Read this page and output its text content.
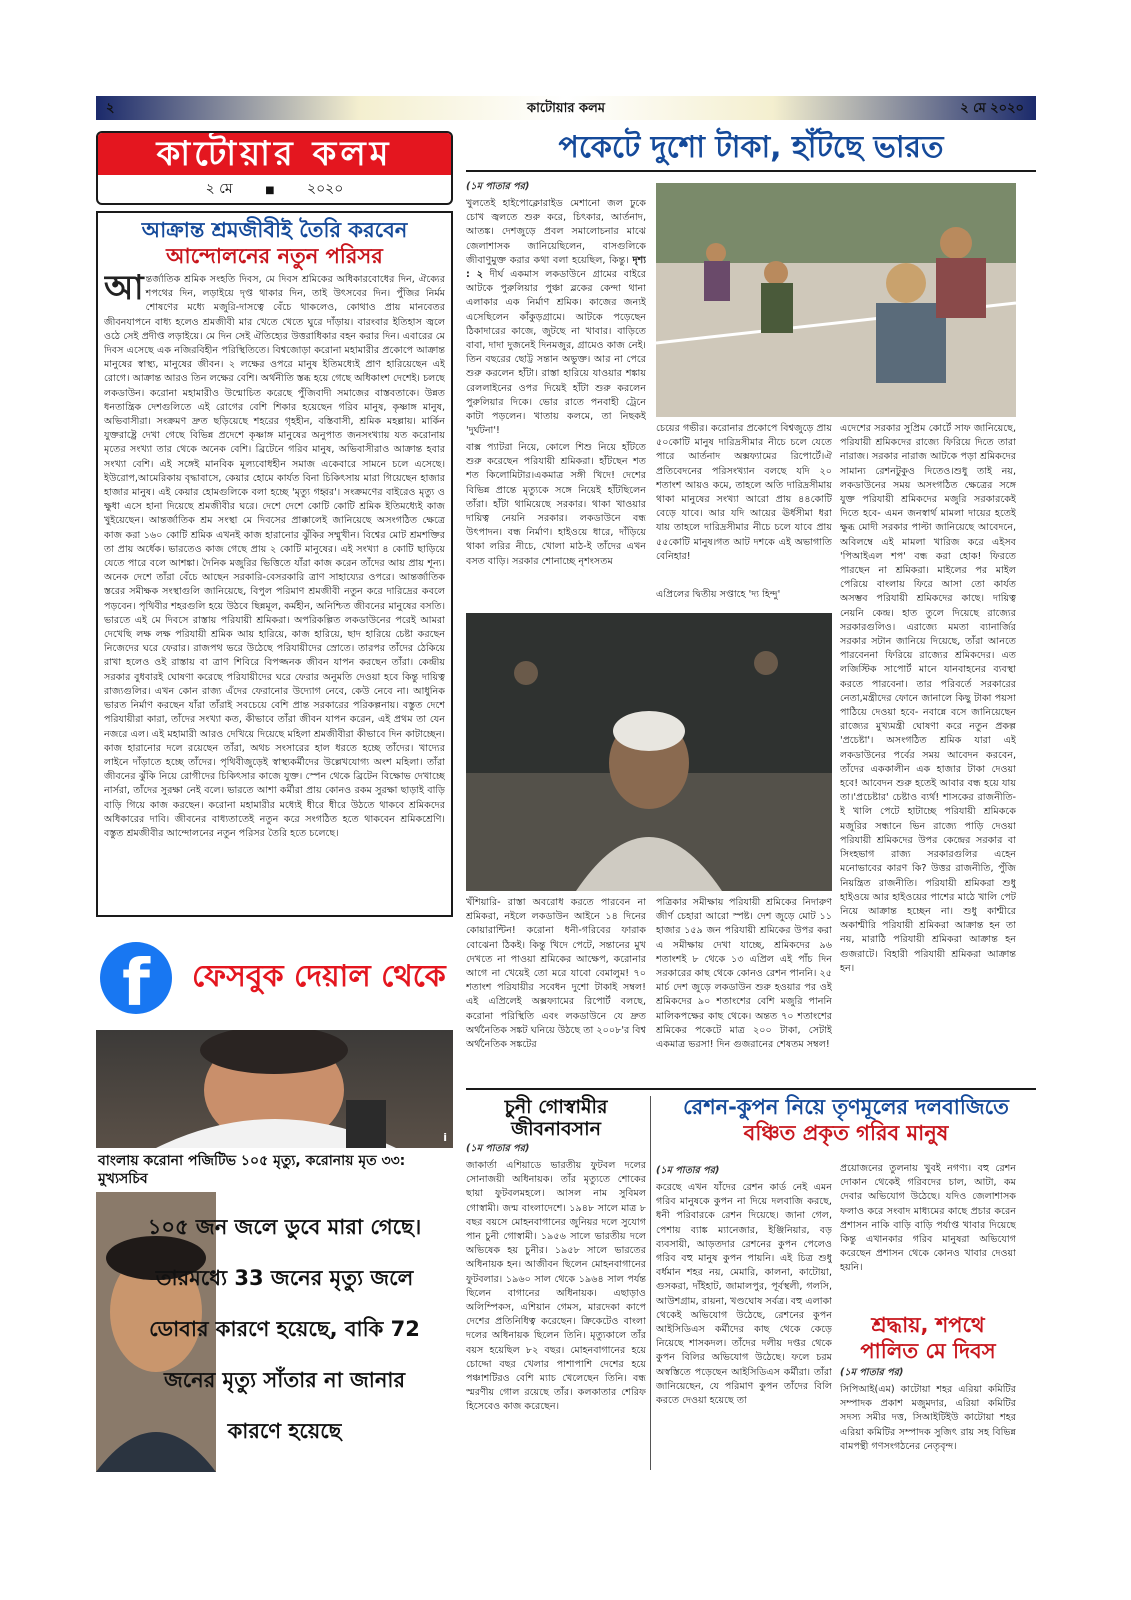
২	কাটোয়ার কলম	২ মে ২০২০
কাটোয়ার কলম
২ মে	■ ২০২০
আক্রান্ত শ্রমজীবীই তৈরি করবেন
আন্দোলনের নতুন পরিসর
আ ন্তর্জাতিক শ্রমিক সংহতি দিবস, মে দিবস শ্রমিকের অধিকারবোধের দিন, ঐক্যের শপথের দিন, লড়াইয়ে দৃপ্ত থাকার দিন, তাই উৎসবের দিন। পুঁজির নির্মম শোষণের মধ্যে মজুরি-দাসত্বে বেঁচে থাকলেও, কোথাও প্রায় মানবেতর জীবনযাপনে বাধ্য হলেও শ্রমজীবী মার খেতে খেতে ঘুরে দাঁড়ায়। বারংবার ইতিহাস জ্বলে ওঠে সেই প্রদীপ্ত লড়াইয়ে। মে দিন সেই ঐতিহ্যের উত্তরাধিকার বহন করার দিন। এবারের মে দিবস এসেছে এক নজিরবিহীন পরিস্থিতিতে। বিশ্বজোড়া করোনা মহামারীর প্রকোপে আক্রান্ত মানুষের স্বাস্থ্য, মানুষের জীবন। ২ লক্ষের ওপরে মানুষ ইতিমধ্যেই প্রাণ হারিয়েছেন এই রোগে। আক্রান্ত আরও তিন লক্ষের বেশি। অর্থনীতি স্তব্ধ হয়ে গেছে অধিকাংশ দেশেই। চলছে লকডাউন। করোনা মহামারীও উন্মোচিত করেছে পুঁজিবাদী সমাজের বাস্তবতাকে। উন্নত ধনতান্ত্রিক দেশগুলিতে এই রোগের বেশি শিকার হয়েছেন গরিব মানুষ, কৃষ্ণাঙ্গ মানুষ, অভিবাসীরা। সংক্রমণ দ্রুত ছড়িয়েছে শহরের গৃহহীন, বস্তিবাসী, শ্রমিক মহল্লায়। মার্কিন যুক্তরাষ্ট্রে দেখা গেছে বিভিন্ন প্রদেশে কৃষ্ণাঙ্গ মানুষের অনুপাত জনসংখ্যায় যত করোনায় মৃতের সংখ্যা তার থেকে অনেক বেশি। ব্রিটেনে গরিব মানুষ, অভিবাসীরাও আক্রান্ত হবার সংখ্যা বেশি। এই সঙ্গেই মানবিক মূল্যবোধহীন সমাজ একেবারে সামনে চলে এসেছে। ইউরোপ,আমেরিকায় বৃদ্ধাবাসে, কেয়ার হোমে কার্যত বিনা চিকিৎসায় মারা গিয়েছেন হাজার হাজার মানুষ। এই কেয়ার হোমগুলিকে বলা হচ্ছে 'মৃত্যু গহ্বর'। সংক্রমণের বাইরেও মৃত্যু ও ক্ষুধা এসে হানা দিয়েছে শ্রমজীবীর ঘরে। দেশে দেশে কোটি কোটি শ্রমিক ইতিমধ্যেই কাজ খুইয়েছেন। আন্তর্জাতিক শ্রম সংস্থা মে দিবসের প্রাক্কালেই জানিয়েছে অসংগঠিত ক্ষেত্রে কাজ করা ১৬০ কোটি শ্রমিক এখনই কাজ হারানোর ঝুঁকির সম্মুখীন। বিশ্বের মোট শ্রমশক্তির তা প্রায় অর্ধেক। ভারতেও কাজ গেছে প্রায় ২ কোটি মানুষের। এই সংখ্যা ৪ কোটি ছাড়িয়ে যেতে পারে বলে আশঙ্কা। দৈনিক মজুরির ভিত্তিতে যাঁরা কাজ করেন তাঁদের আয় প্রায় শূন্য। অনেক দেশে তাঁরা বেঁচে আছেন সরকারি-বেসরকারি ত্রাণ সাহায্যের ওপরে। আন্তর্জাতিক স্তরের সমীক্ষক সংস্থাগুলি জানিয়েছে, বিপুল পরিমাণ শ্রমজীবী নতুন করে দারিদ্রের কবলে পড়বেন। পৃথিবীর শহরগুলি হয়ে উঠবে ছিন্নমূল, কর্মহীন, অনিশ্চিত জীবনের মানুষের বসতি। ভারতে এই মে দিবসে রাস্তায় পরিযায়ী শ্রমিকরা। অপরিকল্পিত লকডাউনের পরেই আমরা দেখেছি লক্ষ লক্ষ পরিযায়ী শ্রমিক আয় হারিয়ে, কাজ হারিয়ে, ছাদ হারিয়ে চেষ্টা করছেন নিজেদের ঘরে ফেরার। রাজপথ ভরে উঠেছে পরিযায়ীদের স্রোতে। তারপর তাঁদের ঠেকিয়ে রাখা হলেও ওই রাস্তায় বা ত্রাণ শিবিরে বিপজ্জনক জীবন যাপন করছেন তাঁরা। কেন্দ্রীয় সরকার বুধবারই ঘোষণা করেছে পরিযায়ীদের ঘরে ফেরার অনুমতি দেওয়া হবে কিন্তু দায়িত্ব রাজ্যগুলির। এখন কোন রাজ্য এঁদের ফেরানোর উদ্যোগ নেবে, কেউ নেবে না। আধুনিক ভারত নির্মাণ করছেন যাঁরা তাঁরাই সবচেয়ে বেশি প্রান্ত সরকারের পরিকল্পনায়। বস্তুত দেশে পরিযায়ীরা কারা, তাঁদের সংখ্যা কত, কীভাবে তাঁরা জীবন যাপন করেন, এই প্রথম তা যেন নজরে এল। এই মহামারী আরও দেখিয়ে দিয়েছে মহিলা শ্রমজীবীরা কীভাবে দিন কাটাচ্ছেন। কাজ হারানোর দলে রয়েছেন তাঁরা, অথচ সংসারের হাল ধরতে হচ্ছে তাঁদের। খাদ্যের লাইনে দাঁড়াতে হচ্ছে তাঁদের। পৃথিবীজুড়েই স্বাস্থ্যকর্মীদের উল্লেখযোগ্য অংশ মহিলা। তাঁরা জীবনের ঝুঁকি নিয়ে রোগীদের চিকিৎসার কাজে যুক্ত। স্পেন থেকে ব্রিটেন বিক্ষোভ দেখাচ্ছে নার্সরা, তাঁদের সুরক্ষা নেই বলে। ভারতে আশা কর্মীরা প্রায় কোনও রকম সুরক্ষা ছাড়াই বাড়ি বাড়ি গিয়ে কাজ করছেন। করোনা মহামারীর মধ্যেই ধীরে ধীরে উঠতে থাকবে শ্রমিকদের অধিকারের দাবি। জীবনের বাধ্যতাতেই নতুন করে সংগঠিত হতে থাকবেন শ্রমিকশ্রেণি। বস্তুত শ্রমজীবীর আন্দোলনের নতুন পরিসর তৈরি হতে চলেছে।
f	ফেসবুক দেয়াল থেকে
i
বাংলায় করোনা পজিটিভ ১০৫ মৃত্যু, করোনায় মৃত ৩৩: মুখ্যসচিব
১০৫ জন জলে ডুবে মারা গেছে।
তারমধ্যে 33 জনের মৃত্যু জলে
ডোবার কারণে হয়েছে, বাকি 72
জনের মৃত্যু সাঁতার না জানার
কারণে হয়েছে
পকেটে দুশো টাকা, হাঁটছে ভারত
(১ম পাতার পর)
খুলতেই হাইপোক্লোরাইড মেশানো জল ঢুকে চোখ জ্বলতে শুরু করে, চিৎকার, আর্তনাদ, আতঙ্ক। দেশজুড়ে প্রবল সমালোচনার মাঝে জেলাশাসক জানিয়েছিলেন, বাসগুলিকে জীবাণুমুক্ত করার কথা বলা হয়েছিল, কিন্তু। দৃশ্য : ২ দীর্ঘ একমাস লকডাউনে গ্রামের বাইরে আটকে পুরুলিয়ার পুঞ্চা ব্লকের কেন্দা থানা এলাকার এক নির্মাণ শ্রমিক। কাজের জন্যই এসেছিলেন কাঁকুড়গ্রামে। আটকে পড়েছেন ঠিকাদারের কাজে, জুটছে না খাবার। বাড়িতে বাবা, দাদা দুজনেই দিনমজুর, গ্রামেও কাজ নেই। তিন বছরের ছোট্ট সন্তান অভুক্ত। আর না পেরে শুরু করলেন হাঁটা। রাস্তা হারিয়ে যাওয়ার শঙ্কায় রেললাইনের ওপর দিয়েই হাঁটা শুরু করলেন পুরুলিয়ার দিকে। ভোর রাতে পনবাহী ট্রেনে কাটা পড়লেন। খাতায় কলমে, তা নিছকই 'দুর্ঘটনা'!
বাক্স প্যাটরা নিয়ে, কোলে শিশু নিয়ে হাঁটতে শুরু করেছেন পরিযায়ী শ্রমিকরা। হাঁটছেন শত শত কিলোমিটার।একমাত্র সঙ্গী খিদে! দেশের বিভিন্ন প্রান্তে মৃত্যুকে সঙ্গে নিয়েই হাঁটছিলেন তাঁরা। হাঁটা থামিয়েছে সরকার। থাকা খাওয়ার দায়িত্ব নেয়নি সরকার। লকডাউনে বন্ধ উৎপাদন। বন্ধ নির্মাণ। হাইওয়ে ধারে, দাঁড়িয়ে থাকা লরির নীচে, খোলা মাঠ-ই তাঁদের এখন বসত বাড়ি। সরকার শোনাচ্ছে নৃশংসতম
চেয়ের গভীর। করোনার প্রকোপে বিশ্বজুড়ে প্রায় ৫০কোটি মানুষ দারিদ্রসীমার নীচে চলে যেতে পারে আর্তনাদ অক্সফ্যামের রিপোর্টে।ঐ প্রতিবেদনের পরিসংখ্যান বলছে যদি ২০ শতাংশ আয়ও কমে, তাহলে অতি দারিদ্রসীমায় থাকা মানুষের সংখ্যা আরো প্রায় ৪৪কোটি বেড়ে যাবে। আর যদি আয়ের ঊর্ধসীমা ধরা যায় তাহলে দারিদ্রসীমার নীচে চলে যাবে প্রায় ৫৫কোটি মানুষ।গত আট দশকে এই অভাগাতি বেনিহার!
এপ্রিলের দ্বিতীয় সপ্তাহে 'দ্য হিন্দু'
এদেশের সরকার সুপ্রিম কোর্টে সাফ জানিয়েছে, পরিযায়ী শ্রমিকদের রাজ্যে ফিরিয়ে দিতে তারা নারাজ। সরকার নারাজ আটকে পড়া শ্রমিকদের সামান্য রেশনটুকুও দিতেও।শুধু তাই নয়, লকডাউনের সময় অসংগঠিত ক্ষেত্রের সঙ্গে যুক্ত পরিযায়ী শ্রমিকদের মজুরি সরকারকেই দিতে হবে- এমন জনস্বার্থ মামলা দায়ের হতেই ক্ষুব্ধ মোদী সরকার পাল্টা জানিয়েছে আবেদনে, অবিলম্বে এই মামলা খারিজ করে এইসব 'পিআইএল শপ' বন্ধ করা হোক! ফিরতে পারছেন না শ্রমিকরা। মাইলের পর মাইল পেরিয়ে বাংলায় ফিরে আসা তো কার্যত অসম্ভব পরিযায়ী শ্রমিকদের কাছে। দায়িত্ব নেয়নি কেন্দ্র। হাত তুলে দিয়েছে রাজ্যের সরকারগুলিও। এরাজ্যে মমতা ব্যানার্জির সরকার সটান জানিয়ে দিয়েছে, তাঁরা আনতে পারবেননা ফিরিয়ে রাজ্যের শ্রমিকদের। এত লজিস্টিক সাপোর্ট মানে যানবাহনের ব্যবস্থা করতে পারবেনা। তার পরিবর্তে সরকারের নেতা,মন্ত্রীদের ফোনে জানালে কিছু টাকা পয়সা পাঠিয়ে দেওয়া হবে- নবান্নে বসে জানিয়েছেন রাজ্যের মুখ্যমন্ত্রী ঘোষণা করে নতুন প্রকল্প 'প্রচেষ্টা'। অসংগঠিত শ্রমিক যারা এই লকডাউনের পর্বের সময় আবেদন করবেন, তাঁদের এককালীন এক হাজার টাকা দেওয়া হবে! আবেদন শুরু হতেই আবার বন্ধ হয়ে যায় তা।'প্রচেষ্টার' চেষ্টাও ব্যর্থ! শাসকের রাজনীতি-ই খালি পেটে হাটাচ্ছে পরিযায়ী শ্রমিককে মজুরির সন্ধানে ভিন রাজ্যে পাড়ি দেওয়া পরিযায়ী শ্রমিকদের উপর কেন্দ্রের সরকার বা সিংহভাগ রাজ্য সরকারগুলির এহেন মনোভাবের কারণ কি? উত্তর রাজনীতি, পুঁজি নিয়ন্ত্রিত রাজনীতি। পরিযায়ী শ্রমিকরা শুধু হাইওয়ে আর হাইওয়ের পাশের মাঠে খালি পেট নিয়ে আক্রান্ত হচ্ছেন না। শুধু কাশ্মীরে অকাশ্মীরি পরিযায়ী শ্রমিকরা আক্রান্ত হন তা নয়, মারাঠি পরিযায়ী শ্রমিকরা আক্রান্ত হন গুজরাটে। বিহারী পরিযায়ী শ্রমিকরা আক্রান্ত হন।
খঁশিয়ারি- রাস্তা অবরোধ করতে পারবেন না শ্রমিকরা, নইলে লকডাউন আইনে ১৪ দিনের কোয়ারান্টিন! করোনা ধনী-গরিবের ফারাক বোঝেনা ঠিকই। কিন্তু খিদে পেটে, সন্তানের মুখ দেখতে না পাওয়া শ্রমিকের আক্ষেপ, করোনার আগে না খেয়েই তো মরে যাবো বেমালুম! ৭০ শতাংশ পরিযায়ীর সবেধন দুশো টাকাই সম্বল! এই এপ্রিলেই অক্সফ্যামের রিপোর্ট বলছে, করোনা পরিস্থিতি এবং লকডাউনে যে দ্রুত অর্থনৈতিক সঙ্কট ঘনিয়ে উঠছে তা ২০০৮'র বিশ্ব অর্থনৈতিক সঙ্কটের
পত্রিকার সমীক্ষায় পরিযায়ী শ্রমিকের নিদারুণ জীর্ণ চেহারা আরো স্পষ্ট। দেশ জুড়ে মোট ১১ হাজার ১৫৯ জন পরিযায়ী শ্রমিকের উপর করা এ সমীক্ষায় দেখা যাচ্ছে, শ্রমিকদের ৯৬ শতাংশই ৮ থেকে ১৩ এপ্রিল এই পাঁচ দিন সরকারের কাছ থেকে কোনও রেশন পাননি। ২৫ মার্চ দেশ জুড়ে লকডাউন শুরু হওয়ার পর ওই শ্রমিকদের ৯০ শতাংশের বেশি মজুরি পাননি মালিকপক্ষের কাছ থেকে। অন্তত ৭০ শতাংশের শ্রমিকের পকেটে মাত্র ২০০ টাকা, সেটাই একমাত্র ভরসা! দিন গুজরানের শেষতম সম্বল!
চুনী গোস্বামীর
জীবনাবসান
(১ম পাতার পর)
জাকার্তা এশিয়াডে ভারতীয় ফুটবল দলের সোনাজয়ী অধিনায়ক। তাঁর মৃত্যুতে শোকের ছায়া ফুটবলমহলে। আসল নাম সুবিমল গোস্বামী। জন্ম বাংলাদেশে। ১৯৪৮ সালে মাত্র ৮ বছর বয়সে মোহনবাগানের জুনিয়র দলে সুযোগ পান চুনী গোস্বামী। ১৯৫৬ সালে ভারতীয় দলে অভিষেক হয় চুনীর। ১৯৫৮ সালে ভারতের অধিনায়ক হন। আজীবন ছিলেন মোহনবাগানের ফুটবলার। ১৯৬০ সাল থেকে ১৯৬৪ সাল পর্যন্ত ছিলেন বাগানের অধিনায়ক। এছাড়াও অলিম্পিকস, এশিয়ান গেমস, মারদেকা কাপে দেশের প্রতিনিধিত্ব করেছেন। ক্রিকেটেও বাংলা দলের অধিনায়ক ছিলেন তিনি। মৃত্যুকালে তাঁর বয়স হয়েছিল ৮২ বছর। মোহনবাগানের হয়ে চোদ্দো বছর খেলার পাশাপাশি দেশের হয়ে পঞ্চাশটিরও বেশি ম্যাচ খেলেছেন তিনি। বন্ধ স্মরণীয় গোল রয়েছে তাঁর। কলকাতার শেরিফ হিসেবেও কাজ করেছেন।
রেশন-কুপন নিয়ে তৃণমূলের দলবাজিতে
বঞ্চিত প্রকৃত গরিব মানুষ
(১ম পাতার পর)
করেছে এখন যাঁদের রেশন কার্ড নেই এমন গরিব মানুষকে কুপন না দিয়ে দলবাজি করছে, ধনী পরিবারকে রেশন দিয়েছে। জানা গেল, পেশায় ব্যাঙ্ক ম্যানেজার, ইঞ্জিনিয়ার, বড় ব্যবসায়ী, আড়তদার রেশনের কুপন পেলেও গরিব বহু মানুষ কুপন পায়নি। এই চিত্র শুধু বর্ধমান শহর নয়, মেমারি, কালনা, কাটোয়া, গুসকরা, দাঁইহাট, জামালপুর, পূর্বস্থলী, গলসি, আউশগ্রাম, রায়না, খণ্ডঘোষ সর্বত্র। বহু এলাকা থেকেই অভিযোগ উঠেছে, রেশনের কুপন আইসিডিএস কর্মীদের কাছ থেকে কেড়ে নিয়েছে শাসকদল। তাঁদের দলীয় দপ্তর থেকে কুপন বিলির অভিযোগ উঠেছে। ফলে চরম অস্বস্তিতে পড়েছেন আইসিডিএস কর্মীরা। তাঁরা জানিয়েছেন, যে পরিমাণ কুপন তাঁদের বিলি করতে দেওয়া হয়েছে তা
প্রয়োজনের তুলনায় খুবই নগণ্য। বহু রেশন দোকান থেকেই গরিবদের চাল, আটা, কম দেবার অভিযোগ উঠেছে। যদিও জেলাশাসক ফলাও করে সংবাদ মাধ্যমের কাছে প্রচার করেন প্রশাসন নাকি বাড়ি বাড়ি পর্যাপ্ত খাবার দিয়েছে কিন্তু এখানকার গরিব মানুষরা অভিযোগ করেছেন প্রশাসন থেকে কোনও খাবার দেওয়া হয়নি।
শ্রদ্ধায়, শপথে
পালিত মে দিবস
(১ম পাতার পর)
সিপিআই(এম) কাটোয়া শহর এরিয়া কমিটির সম্পাদক প্রকাশ মজুমদার, এরিয়া কমিটির সদস্য সমীর দত্ত, সিআইটিইউ কাটোয়া শহর এরিয়া কমিটির সম্পাদক সুজিৎ রায় সহ বিভিন্ন বামপন্থী গণসংগঠনের নেতৃবৃন্দ।
